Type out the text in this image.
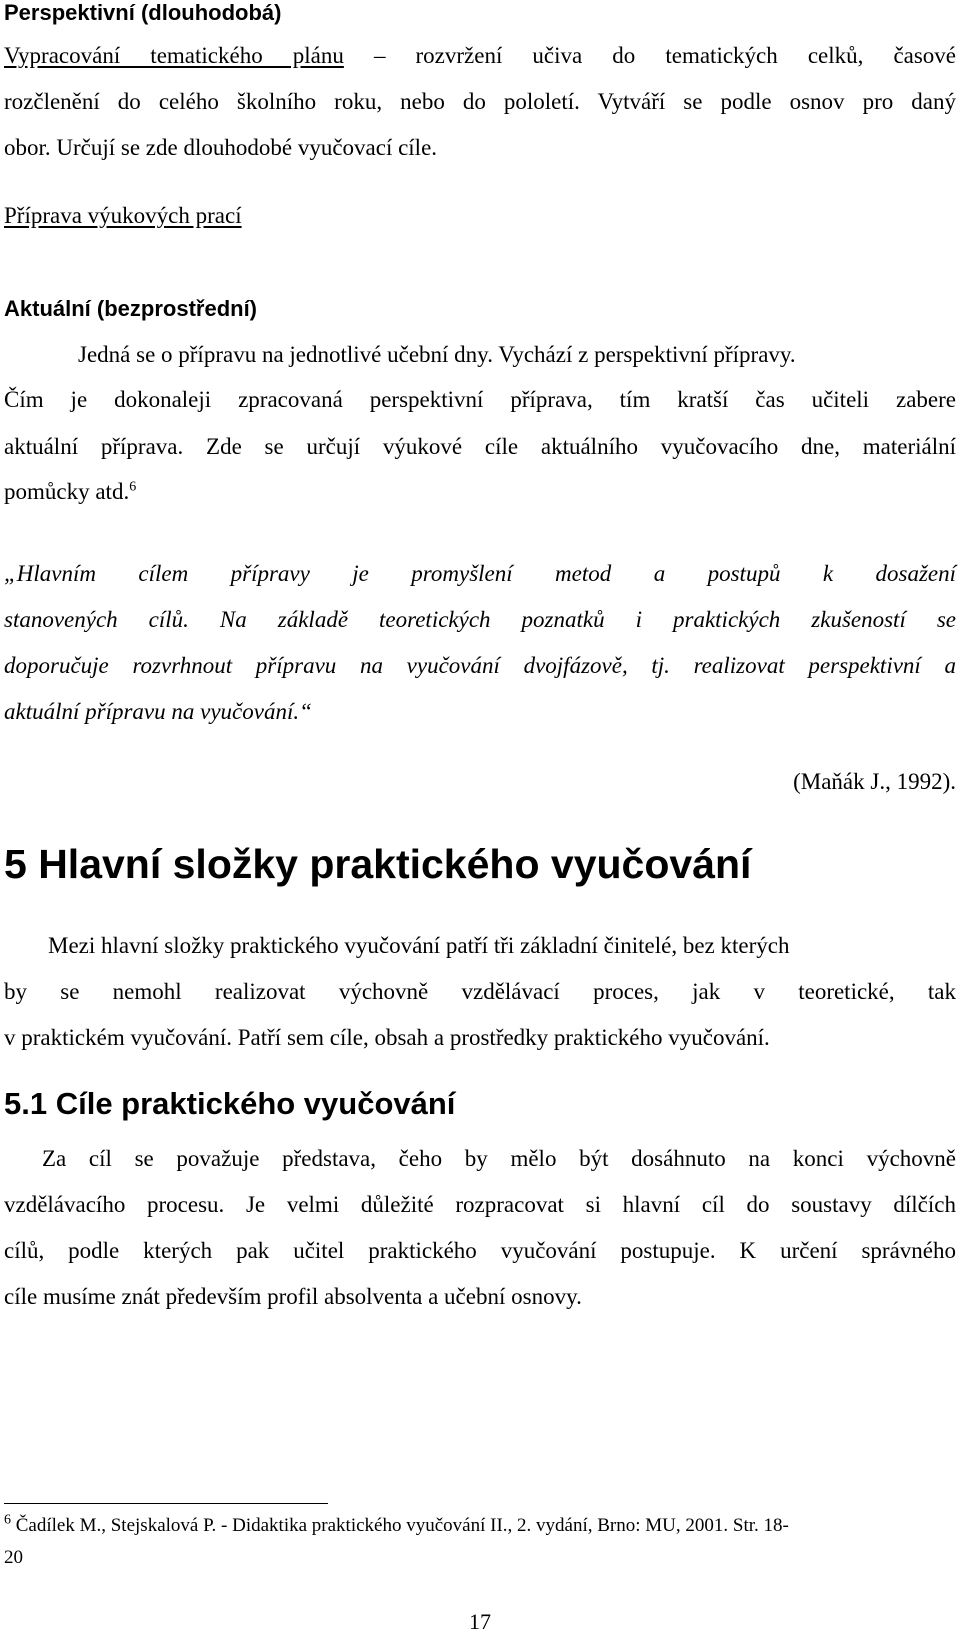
Perspektivní (dlouhodobá)
Vypracování tematického plánu – rozvržení učiva do tematických celků, časové
rozčlenění do celého školního roku, nebo do pololetí. Vytváří se podle osnov pro daný
obor. Určují se zde dlouhodobé vyučovací cíle.
Příprava výukových prací
Aktuální (bezprostřední)
Jedná se o přípravu na jednotlivé učební dny. Vychází z perspektivní přípravy.
Čím je dokonaleji zpracovaná perspektivní příprava, tím kratší čas učiteli zabere
aktuální příprava. Zde se určují výukové cíle aktuálního vyučovacího dne, materiální
pomůcky atd.$^6$
„Hlavním cílem přípravy je promyšlení metod a postupů k dosažení
stanovených cílů. Na základě teoretických poznatků i praktických zkušeností se
doporučuje rozvrhnout přípravu na vyučování dvojfázově, tj. realizovat perspektivní a
aktuální přípravu na vyučování.“
(Maňák J., 1992).
5 Hlavní složky praktického vyučování
Mezi hlavní složky praktického vyučování patří tři základní činitelé, bez kterých
by se nemohl realizovat výchovně vzdělávací proces, jak v teoretické, tak
v praktickém vyučování. Patří sem cíle, obsah a prostředky praktického vyučování.
5.1 Cíle praktického vyučování
Za cíl se považuje představa, čeho by mělo být dosáhnuto na konci výchovně
vzdělávacího procesu. Je velmi důležité rozpracovat si hlavní cíl do soustavy dílčích
cílů, podle kterých pak učitel praktického vyučování postupuje. K určení správného
cíle musíme znát především profil absolventa a učební osnovy.
$^6$ Čadílek M., Stejskalová P. - Didaktika praktického vyučování II., 2. vydání, Brno: MU, 2001. Str. 18-
20
17
